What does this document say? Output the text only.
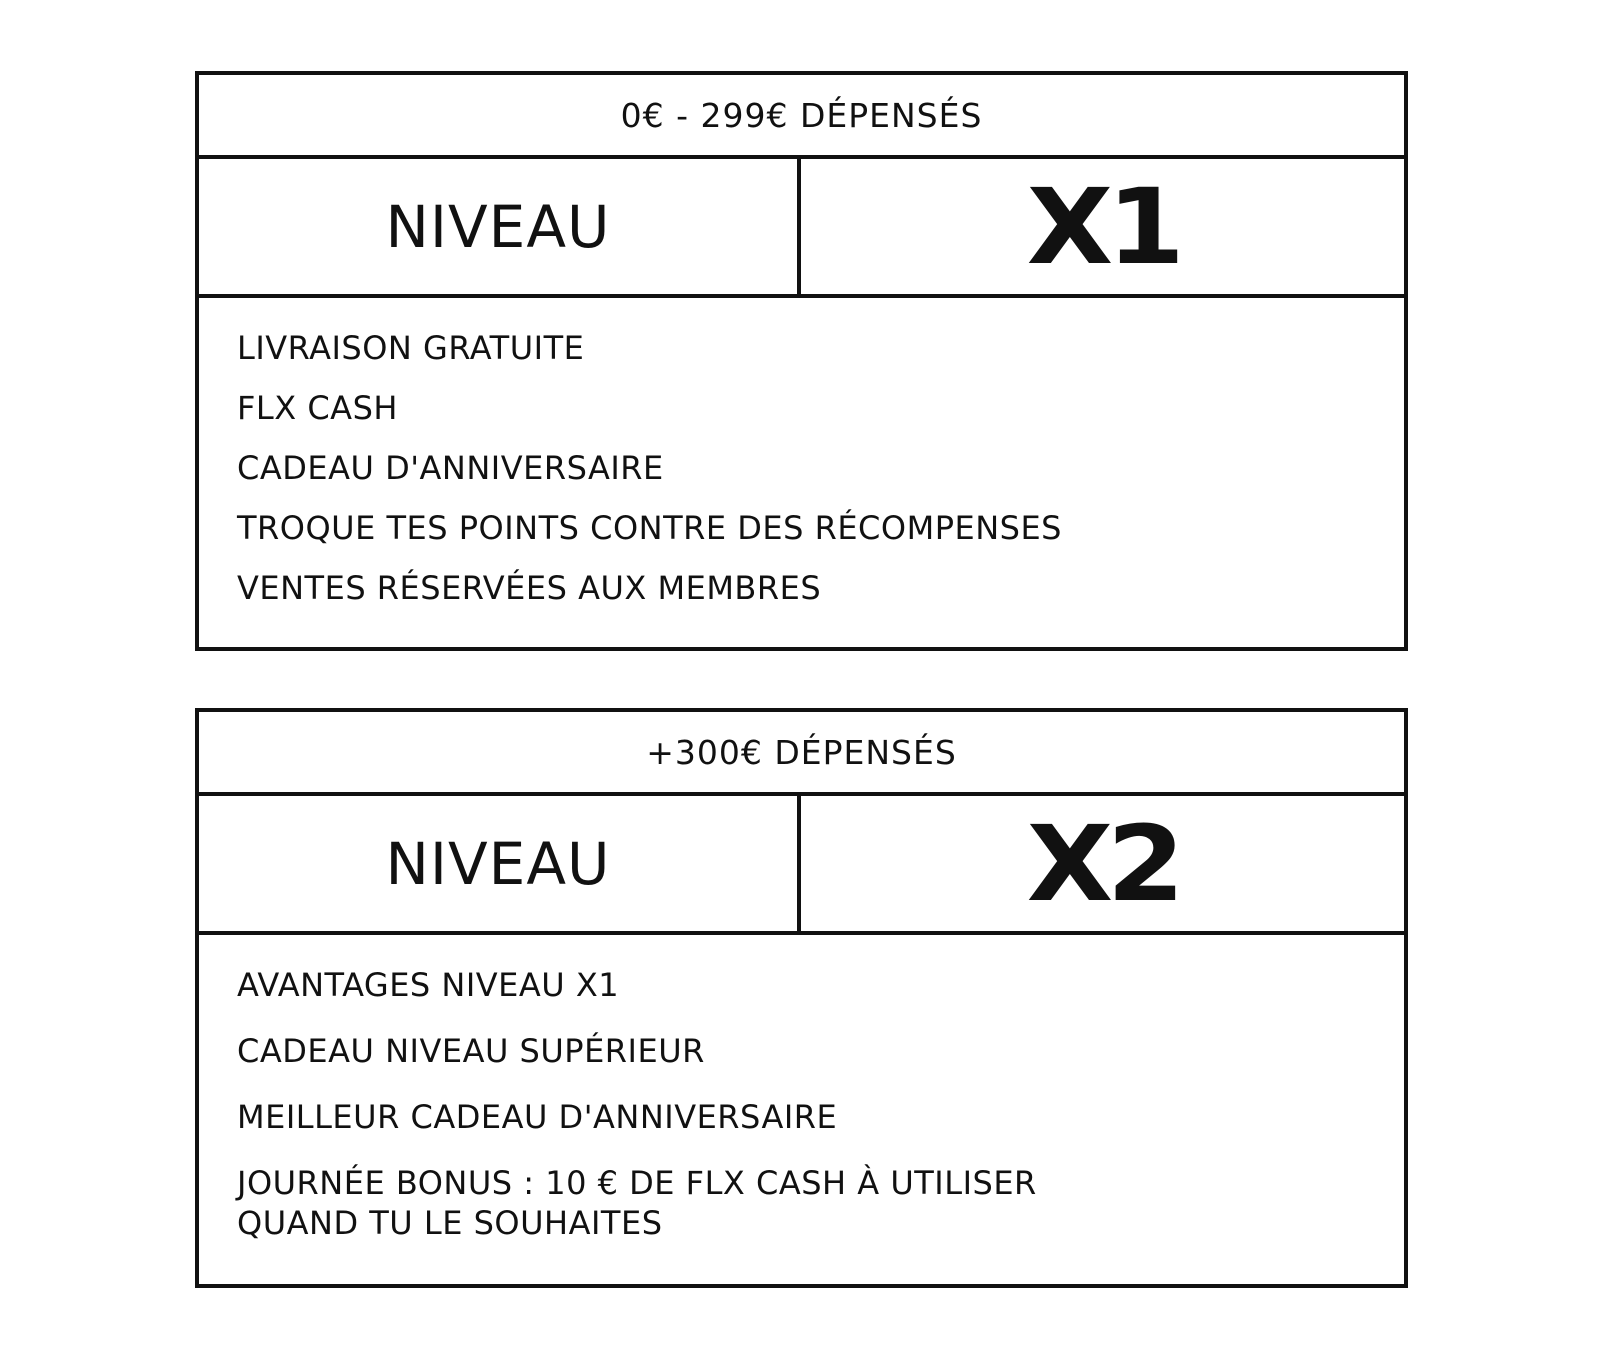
0€ - 299€ DÉPENSÉS
NIVEAU	X1
LIVRAISON GRATUITE
FLX CASH
CADEAU D'ANNIVERSAIRE
TROQUE TES POINTS CONTRE DES RÉCOMPENSES
VENTES RÉSERVÉES AUX MEMBRES
+300€ DÉPENSÉS
NIVEAU	X2
AVANTAGES NIVEAU X1
CADEAU NIVEAU SUPÉRIEUR
MEILLEUR CADEAU D'ANNIVERSAIRE
JOURNÉE BONUS : 10 € DE FLX CASH À UTILISER
QUAND TU LE SOUHAITES
